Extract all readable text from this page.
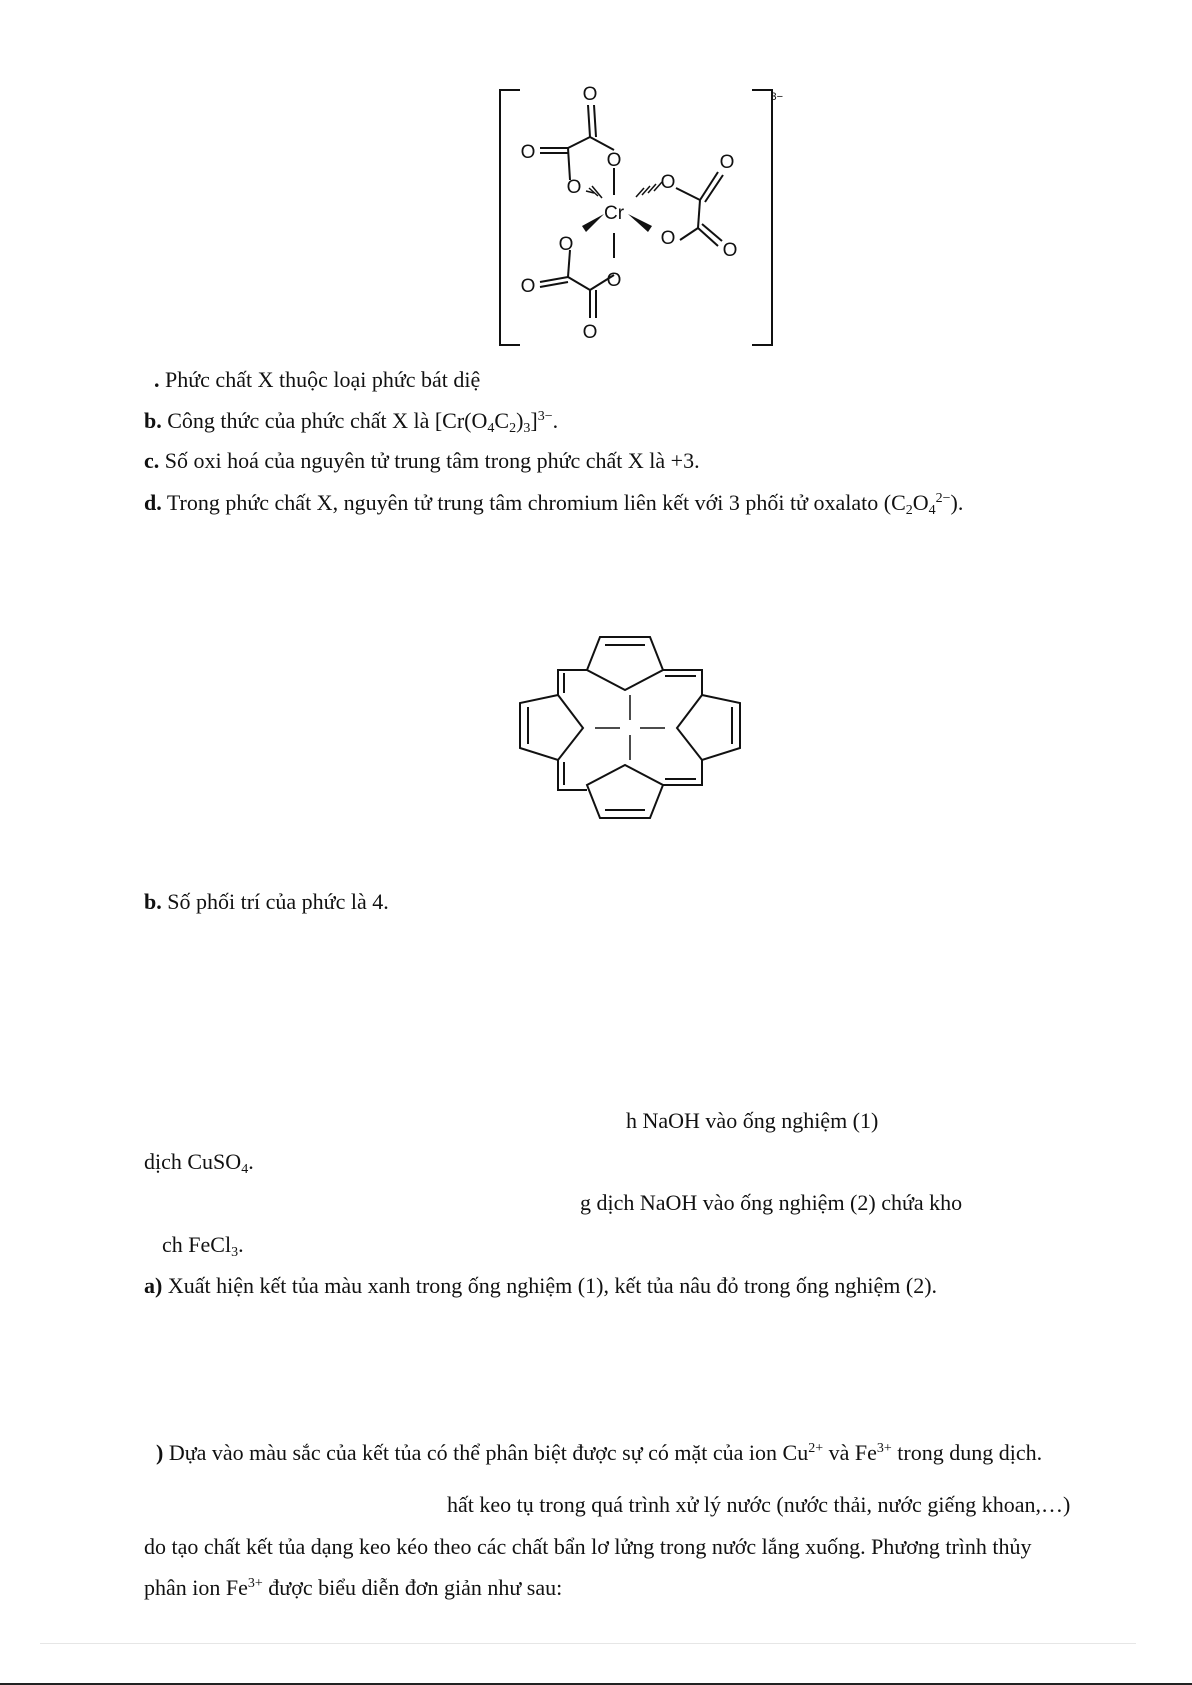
Cr
O
O	O
O	O
O
O
O
O
O
O
O
3−
. Phức chất X thuộc loại phức bát diệ
b. Công thức của phức chất X là $[Cr(O_4C_2)_3]^{3-}$.
c. Số oxi hoá của nguyên tử trung tâm trong phức chất X là +3.
d. Trong phức chất X, nguyên tử trung tâm chromium liên kết với 3 phối tử oxalato $(C_2O_4^{2-})$.
b. Số phối trí của phức là 4.
h NaOH vào ống nghiệm (1)
dịch CuSO$_4$.
g dịch NaOH vào ống nghiệm (2) chứa kho
ch FeCl$_3$.
a) Xuất hiện kết tủa màu xanh trong ống nghiệm (1), kết tủa nâu đỏ trong ống nghiệm (2).
) Dựa vào màu sắc của kết tủa có thể phân biệt được sự có mặt của ion $Cu^{2+}$ và $Fe^{3+}$ trong dung dịch.
hất keo tụ trong quá trình xử lý nước (nước thải, nước giếng khoan,…)
do tạo chất kết tủa dạng keo kéo theo các chất bẩn lơ lửng trong nước lắng xuống. Phương trình thủy
phân ion $Fe^{3+}$ được biểu diễn đơn giản như sau:
